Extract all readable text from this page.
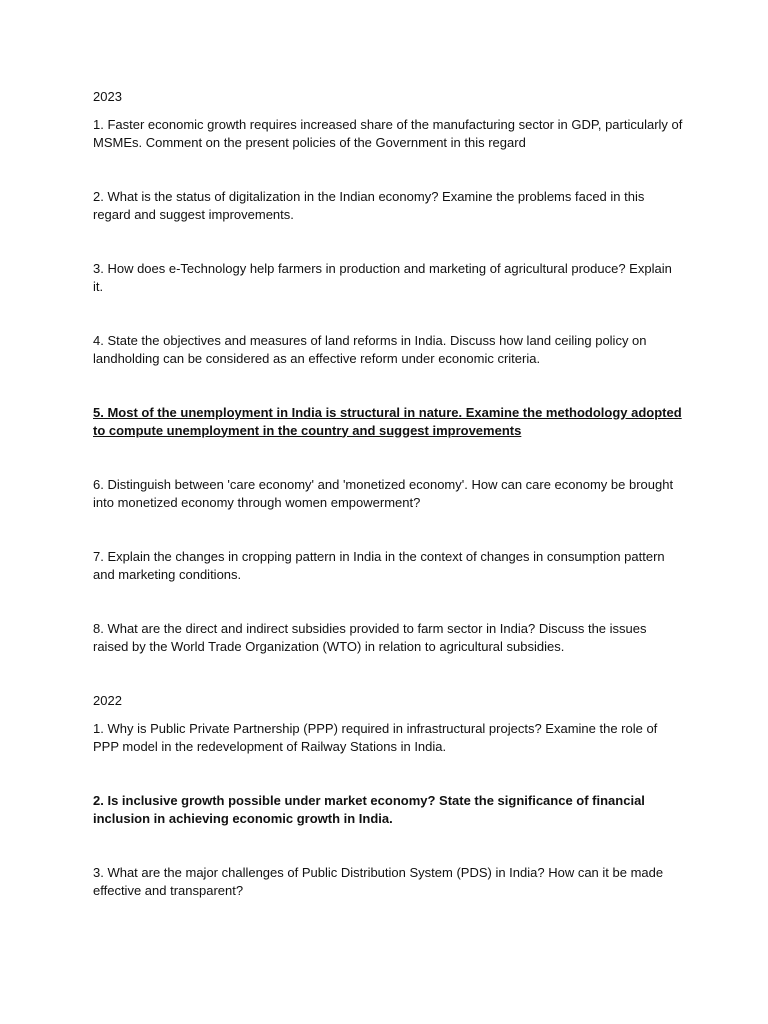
2023

1. Faster economic growth requires increased share of the manufacturing sector in GDP, particularly of MSMEs. Comment on the present policies of the Government in this regard

2. What is the status of digitalization in the Indian economy? Examine the problems faced in this regard and suggest improvements.

3. How does e-Technology help farmers in production and marketing of agricultural produce? Explain it.

4. State the objectives and measures of land reforms in India. Discuss how land ceiling policy on landholding can be considered as an effective reform under economic criteria.

5. Most of the unemployment in India is structural in nature. Examine the methodology adopted to compute unemployment in the country and suggest improvements

6. Distinguish between 'care economy' and 'monetized economy'. How can care economy be brought into monetized economy through women empowerment?

7. Explain the changes in cropping pattern in India in the context of changes in consumption pattern and marketing conditions.

8. What are the direct and indirect subsidies provided to farm sector in India? Discuss the issues raised by the World Trade Organization (WTO) in relation to agricultural subsidies.

2022

1. Why is Public Private Partnership (PPP) required in infrastructural projects? Examine the role of PPP model in the redevelopment of Railway Stations in India.

2. Is inclusive growth possible under market economy? State the significance of financial inclusion in achieving economic growth in India.

3. What are the major challenges of Public Distribution System (PDS) in India? How can it be made effective and transparent?
